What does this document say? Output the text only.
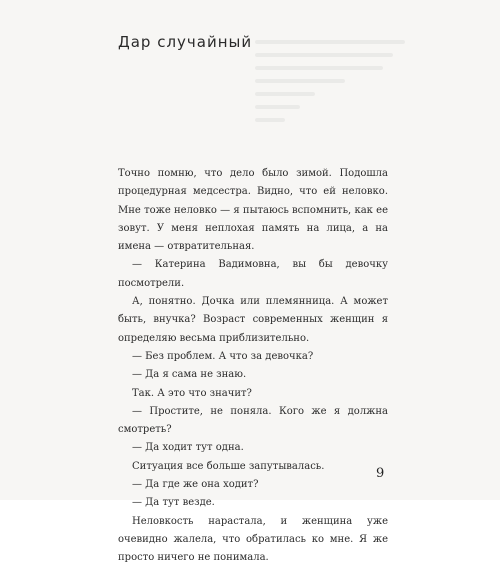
Дар случайный

Точно помню, что дело было зимой. Подошла процедурная медсестра. Видно, что ей неловко. Мне тоже неловко — я пытаюсь вспомнить, как ее зовут. У меня неплохая память на лица, а на имена — отвратительная.

— Катерина Вадимовна, вы бы девочку посмотрели.

А, понятно. Дочка или племянница. А может быть, внучка? Возраст современных женщин я определяю весьма приблизительно.

— Без проблем. А что за девочка?

— Да я сама не знаю.

Так. А это что значит?

— Простите, не поняла. Кого же я должна смотреть?

— Да ходит тут одна.

Ситуация все больше запутывалась.

— Да где же она ходит?

— Да тут везде.

Неловкость нарастала, и женщина уже очевидно жалела, что обратилась ко мне. Я же просто ничего не понимала.

9
